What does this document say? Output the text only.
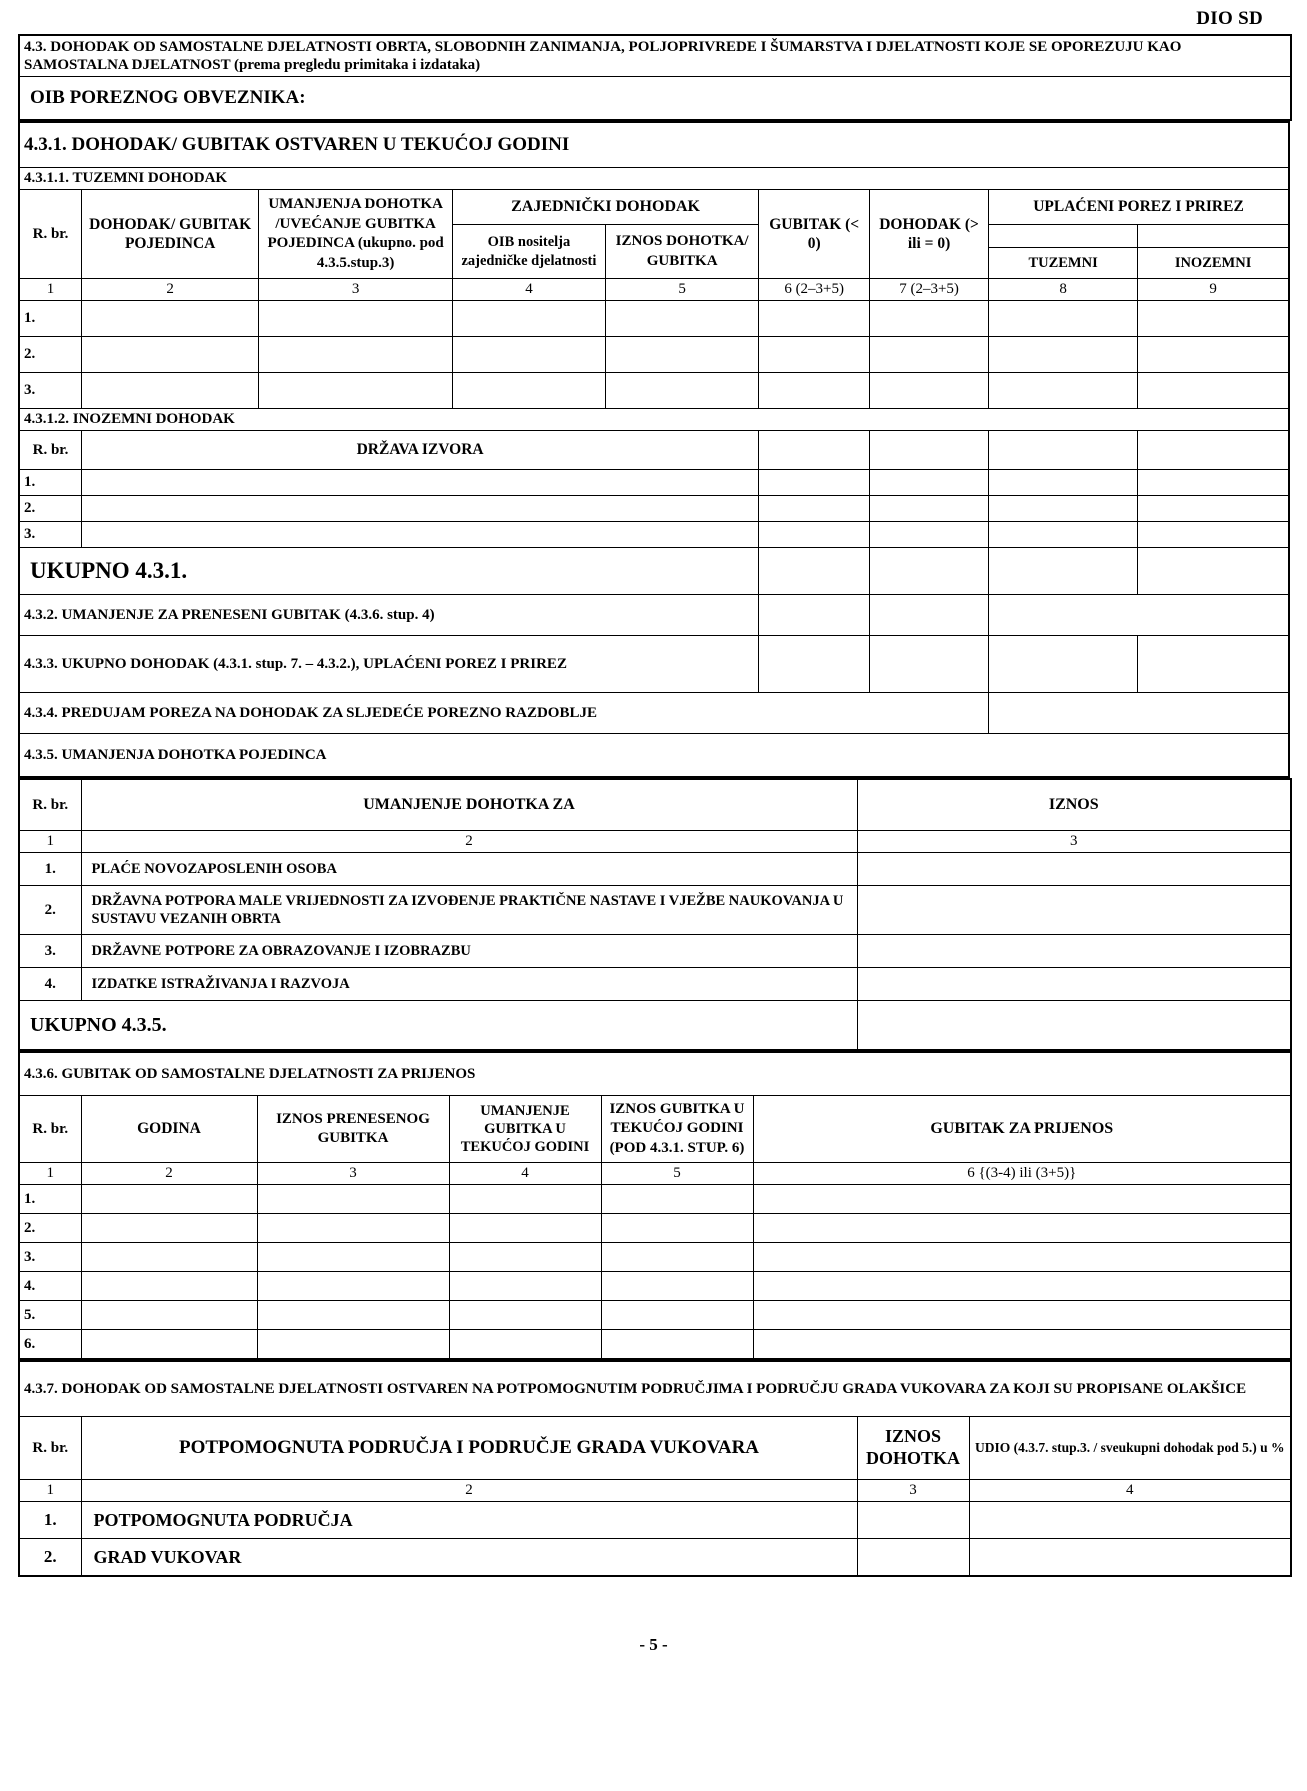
DIO SD
4.3. DOHODAK OD SAMOSTALNE DJELATNOSTI OBRTA, SLOBODNIH ZANIMANJA, POLJOPRIVREDE I ŠUMARSTVA I DJELATNOSTI KOJE SE OPOREZUJU KAO SAMOSTALNA DJELATNOST (prema pregledu primitaka i izdataka)
OIB POREZNOG OBVEZNIKA:
4.3.1. DOHODAK/ GUBITAK OSTVAREN U TEKUĆOJ GODINI								
4.3.1.1. TUZEMNI DOHODAK								
R. br.	DOHODAK/ GUBITAK POJEDINCA	UMANJENJA DOHOTKA /UVEĆANJE GUBITKA POJEDINCA (ukupno. pod 4.3.5.stup.3)	ZAJEDNIČKI DOHODAK		GUBITAK (< 0)	DOHODAK (> ili = 0)	UPLAĆENI POREZ I PRIREZ	
			OIB nositelja zajedničke djelatnosti	IZNOS DOHOTKA/ GUBITKA				
							TUZEMNI	INOZEMNI
1	2	3	4	5	6 (2–3+5)	7 (2–3+5)	8	9
1.								
2.								
3.								
4.3.1.2. INOZEMNI DOHODAK								
R. br.	DRŽAVA IZVORA							
1.								
2.								
3.								
UKUPNO 4.3.1.								
4.3.2. UMANJENJE ZA PRENESENI GUBITAK (4.3.6. stup. 4)								
4.3.3. UKUPNO DOHODAK (4.3.1. stup. 7. – 4.3.2.), UPLAĆENI POREZ I PRIREZ								
4.3.4. PREDUJAM POREZA NA DOHODAK ZA SLJEDEĆE POREZNO RAZDOBLJE								
4.3.5. UMANJENJA DOHOTKA POJEDINCA								
R. br.	UMANJENJE DOHOTKA ZA	IZNOS
1	2	3
1.	PLAĆE NOVOZAPOSLENIH OSOBA	
2.	DRŽAVNA POTPORA MALE VRIJEDNOSTI ZA IZVOĐENJE PRAKTIČNE NASTAVE I VJEŽBE NAUKOVANJA U SUSTAVU VEZANIH OBRTA	
3.	DRŽAVNE POTPORE ZA OBRAZOVANJE I IZOBRAZBU	
4.	IZDATKE ISTRAŽIVANJA I RAZVOJA	
UKUPNO 4.3.5.		
4.3.6. GUBITAK OD SAMOSTALNE DJELATNOSTI ZA PRIJENOS					
R. br.	GODINA	IZNOS PRENESENOG GUBITKA	UMANJENJE GUBITKA U TEKUĆOJ GODINI	IZNOS GUBITKA U TEKUĆOJ GODINI (POD 4.3.1. STUP. 6)	GUBITAK ZA PRIJENOS
1	2	3	4	5	6 {(3-4) ili (3+5)}
1.					
2.					
3.					
4.					
5.					
6.					
4.3.7. DOHODAK OD SAMOSTALNE DJELATNOSTI OSTVAREN NA POTPOMOGNUTIM PODRUČJIMA I PODRUČJU GRADA VUKOVARA ZA KOJI SU PROPISANE OLAKŠICE			
R. br.	POTPOMOGNUTA PODRUČJA I PODRUČJE GRADA VUKOVARA	IZNOS DOHOTKA	UDIO (4.3.7. stup.3. / sveukupni dohodak pod 5.) u %
1	2	3	4
1.	POTPOMOGNUTA PODRUČJA		
2.	GRAD VUKOVAR		
- 5 -
